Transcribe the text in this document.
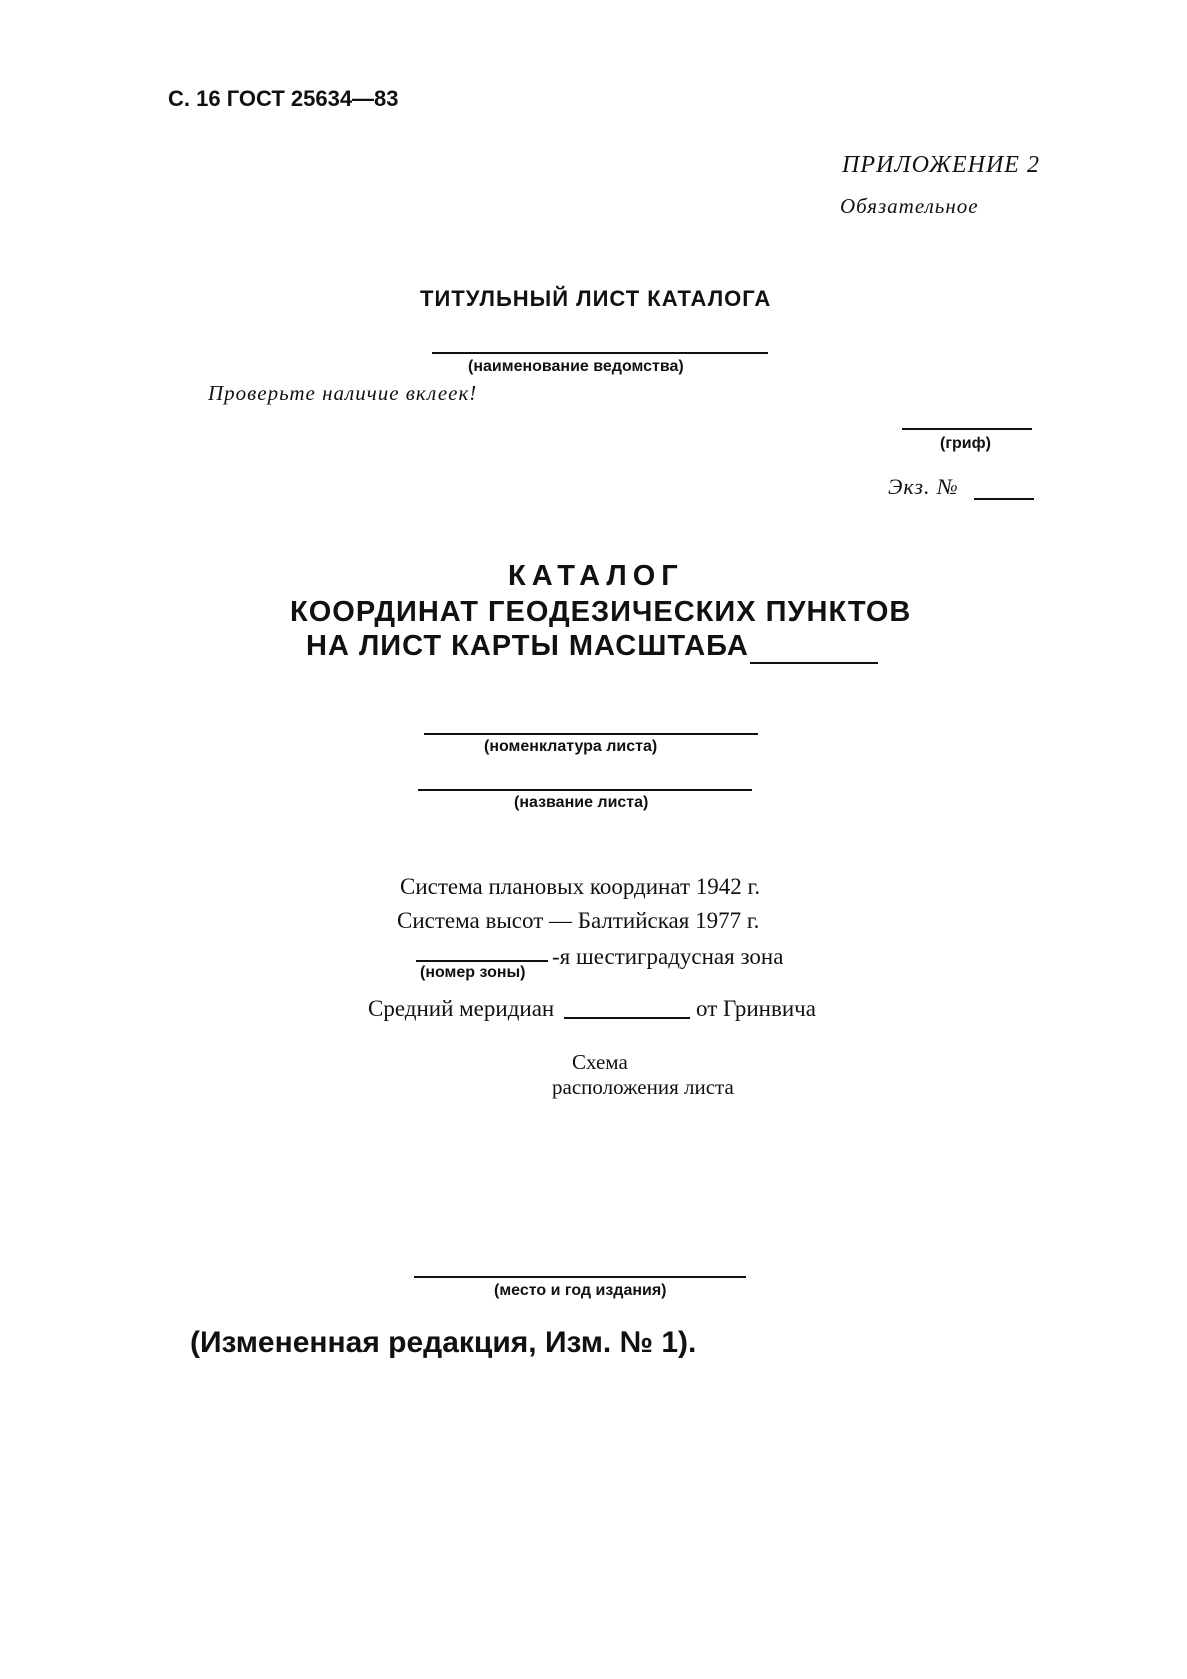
С. 16 ГОСТ 25634—83
ПРИЛОЖЕНИЕ 2
Обязательное
ТИТУЛЬНЫЙ ЛИСТ КАТАЛОГА
(наименование ведомства)
Проверьте наличие вклеек!
(гриф)
Экз. №
КАТАЛОГ
КООРДИНАТ ГЕОДЕЗИЧЕСКИХ ПУНКТОВ
НА ЛИСТ КАРТЫ МАСШТАБА
(номенклатура листа)
(название листа)
Система плановых координат 1942 г.
Система высот — Балтийская 1977 г.
-я шестиградусная зона
(номер зоны)
Средний меридиан	от Гринвича
Схема
расположения листа
(место и год издания)
(Измененная редакция, Изм. № 1).
